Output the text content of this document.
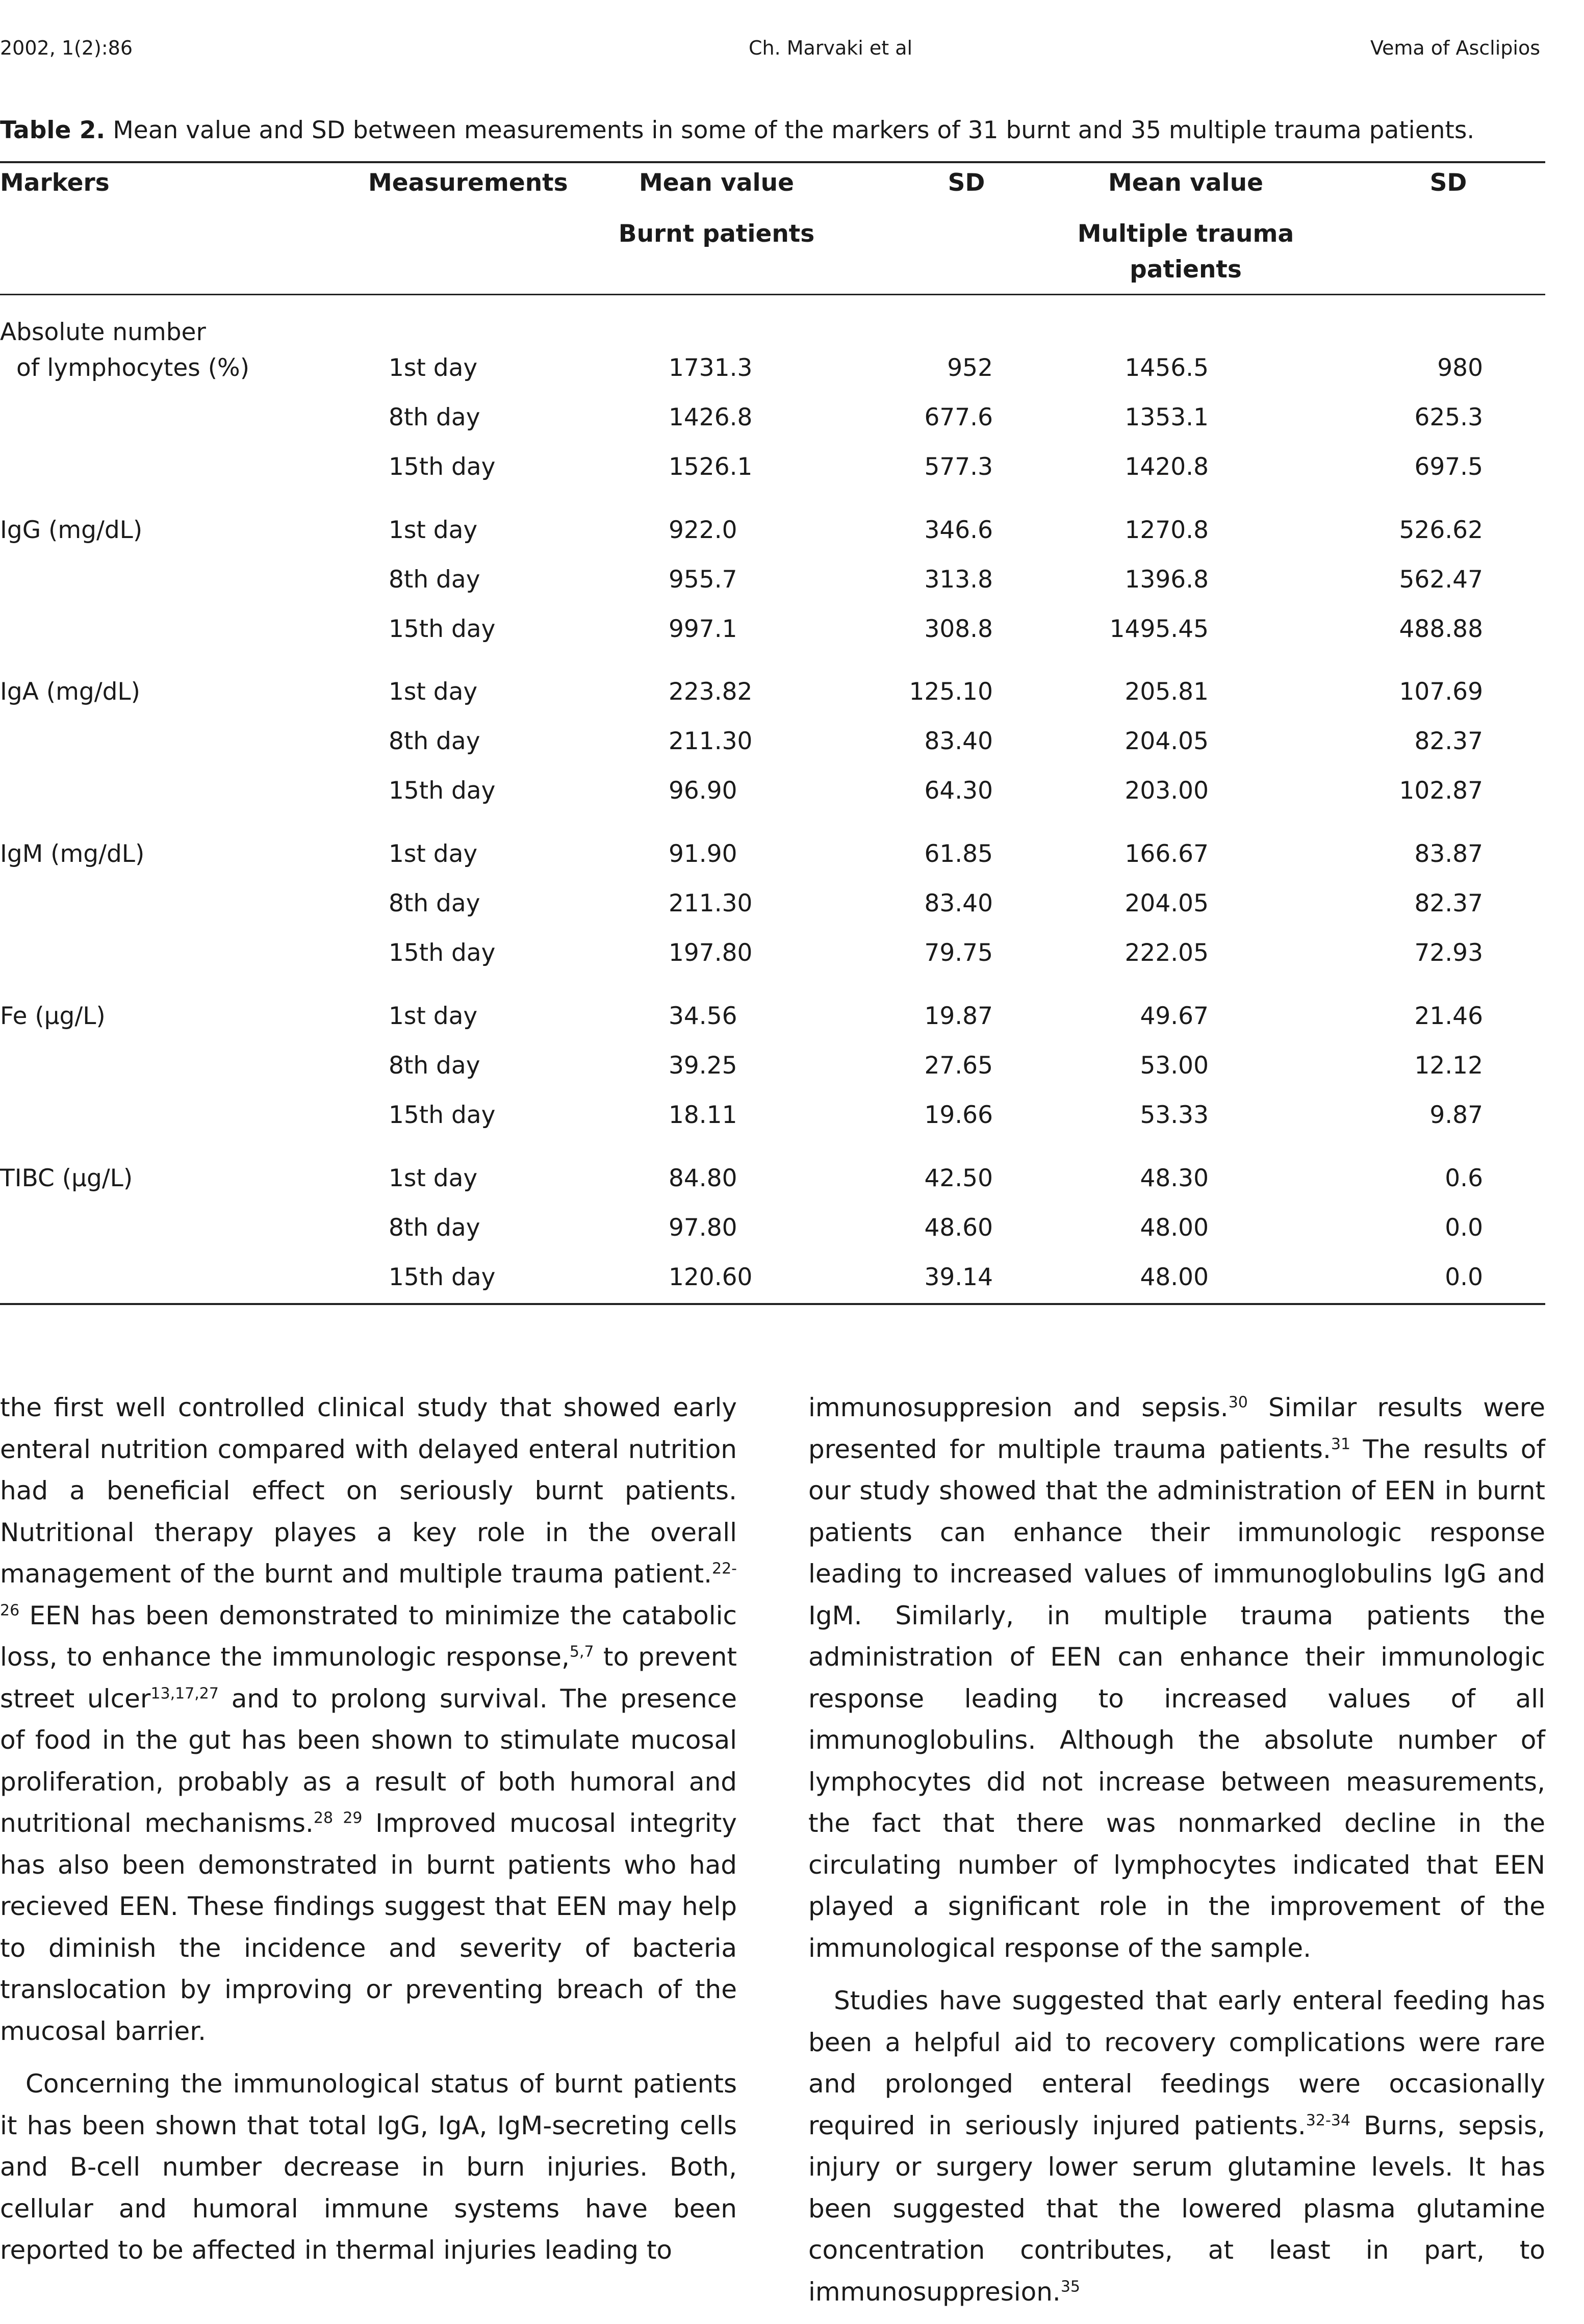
2002, 1(2):86	Ch. Marvaki et al	Vema of Asclipios
Table 2. Mean value and SD between measurements in some of the markers of 31 burnt and 35 multiple trauma patients.
Markers	Measurements	Mean value	SD	Mean value	SD
Burnt patients	Multiple trauma
patients
Absolute number
of lymphocytes (%)	1st day	1731.3	952	1456.5	980
8th day	1426.8	677.6	1353.1	625.3
15th day	1526.1	577.3	1420.8	697.5
IgG (mg/dL)	1st day	922.0	346.6	1270.8	526.62
8th day	955.7	313.8	1396.8	562.47
15th day	997.1	308.8	1495.45	488.88
IgA (mg/dL)	1st day	223.82	125.10	205.81	107.69
8th day	211.30	83.40	204.05	82.37
15th day	96.90	64.30	203.00	102.87
IgM (mg/dL)	1st day	91.90	61.85	166.67	83.87
8th day	211.30	83.40	204.05	82.37
15th day	197.80	79.75	222.05	72.93
Fe (μg/L)	1st day	34.56	19.87	49.67	21.46
8th day	39.25	27.65	53.00	12.12
15th day	18.11	19.66	53.33	9.87
TIBC (μg/L)	1st day	84.80	42.50	48.30	0.6
8th day	97.80	48.60	48.00	0.0
15th day	120.60	39.14	48.00	0.0

the first well controlled clinical study that showed early enteral nutrition compared with delayed enteral nutrition had a beneficial effect on seriously burnt patients. Nutritional therapy playes a key role in the overall management of the burnt and multiple trauma patient.$^{22-26}$ EEN has been demonstrated to minimize the catabolic loss, to enhance the immunologic response,$^{5,7}$ to prevent street ulcer$^{13,17,27}$ and to prolong survival. The presence of food in the gut has been shown to stimulate mucosal proliferation, probably as a result of both humoral and nutritional mechanisms.$^{28 29}$ Improved mucosal integrity has also been demonstrated in burnt patients who had recieved EEN. These findings suggest that EEN may help to diminish the incidence and severity of bacteria translocation by improving or preventing breach of the mucosal barrier.

Concerning the immunological status of burnt patients it has been shown that total IgG, IgA, IgM-secreting cells and B-cell number decrease in burn injuries. Both, cellular and humoral immune systems have been reported to be affected in thermal injuries leading to

immunosuppresion and sepsis.$^{30}$ Similar results were presented for multiple trauma patients.$^{31}$ The results of our study showed that the administration of EEN in burnt patients can enhance their immunologic response leading to increased values of immunoglobulins IgG and IgM. Similarly, in multiple trauma patients the administration of EEN can enhance their immunologic response leading to increased values of all immunoglobulins. Although the absolute number of lymphocytes did not increase between measurements, the fact that there was nonmarked decline in the circulating number of lymphocytes indicated that EEN played a significant role in the improvement of the immunological response of the sample.

Studies have suggested that early enteral feeding has been a helpful aid to recovery complications were rare and prolonged enteral feedings were occasionally required in seriously injured patients.$^{32-34}$ Burns, sepsis, injury or surgery lower serum glutamine levels. It has been suggested that the lowered plasma glutamine concentration contributes, at least in part, to immunosuppresion.$^{35}$
